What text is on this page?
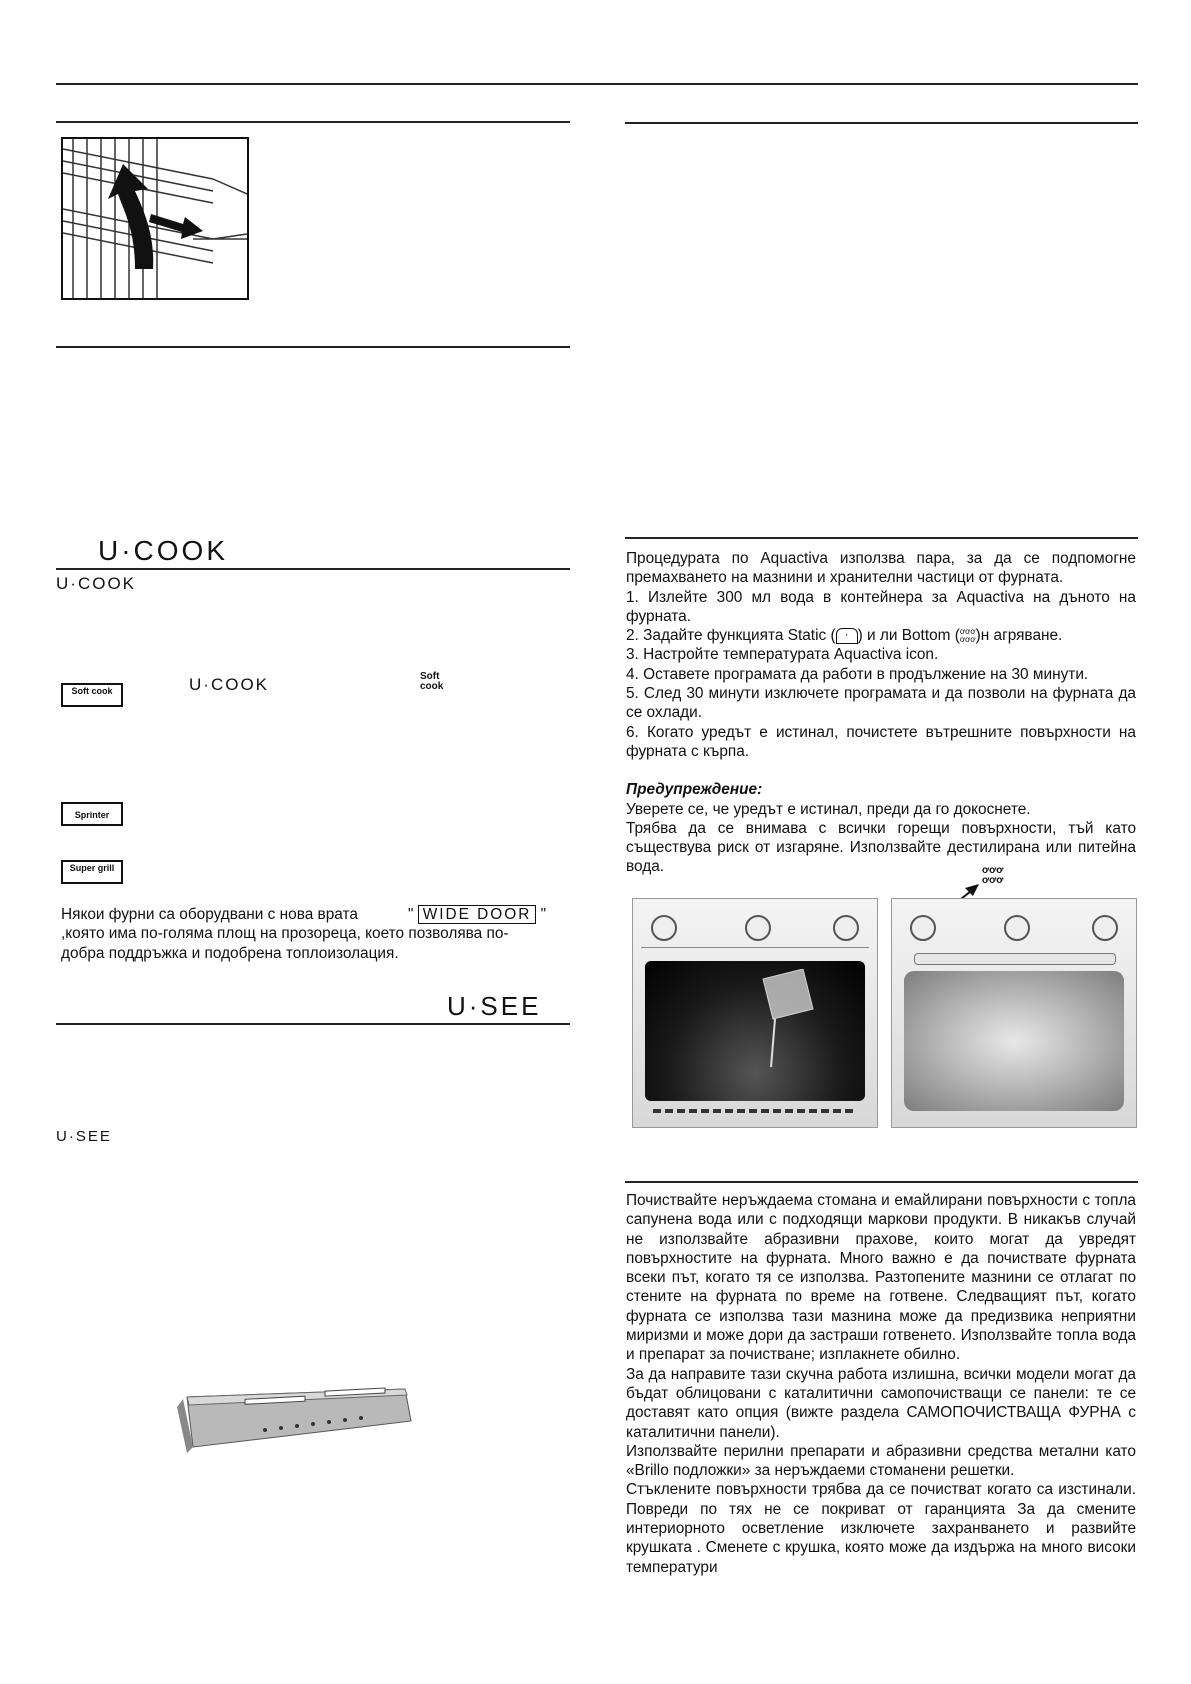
U·COOK
U·COOK
Soft cook	U·COOK	Soft cook
Sprinter
Super grill

Някои фурни са оборудвани с нова врата	" WIDE DOOR "

,която има по-голяма площ на прозореца, което позволява по-

добра поддръжка и подобрена топлоизолация.

U·SEE
U·SEE

Процедурата по Aquactiva използва пара, за да се подпомогне премахването на мазнини и хранителни частици от фурната.

1. Излейте 300 мл вода в контейнера за Aquactiva на дъното на фурната.

2. Задайте функцията Static ( · ) и ли Bottom (ơơơ
ơơơ)н агряване.

3. Настройте температурата Aquactiva icon.

4. Оставете програмата да работи в продължение на 30 минути.

5. След 30 минути изключете програмата и да позволи на фурната да се охлади.

6. Когато уредът е истинал, почистете вътрешните повърхности на фурната с кърпа.

Предупреждение:

Уверете се, че уредът е истинал, преди да го докоснете.

Трябва да се внимава с всички горещи повърхности, тъй като съществува риск от изгаряне. Използвайте дестилирана или питейна вода.	ơơơ
ơơơ

Почиствайте неръждаема стомана и емайлирани повърхности с топла сапунена вода или с подходящи маркови продукти. В никакъв случай не използвайте абразивни прахове, които могат да увредят повърхностите на фурната. Много важно е да почиствате фурната всеки път, когато тя се използва. Разтопените мазнини се отлагат по стените на фурната по време на готвене. Следващият път, когато фурната се използва тази мазнина може да предизвика неприятни миризми и може дори да застраши готвенето. Използвайте топла вода и препарат за почистване; изплакнете обилно.

За да направите тази скучна работа излишна, всички модели могат да бъдат облицовани с каталитични самопочистващи се панели: те се доставят като опция (вижте раздела САМОПОЧИСТВАЩА ФУРНА с каталитични панели).

Използвайте перилни препарати и абразивни средства метални като «Brillo подложки» за неръждаеми стоманени решетки.

Стъклените повърхности трябва да се почистват когато са изстинали. Повреди по тях не се покриват от гаранцията За да смените интериорното осветление изключете захранването и развийте крушката . Сменете с крушка, която може да издържа на много високи температури
